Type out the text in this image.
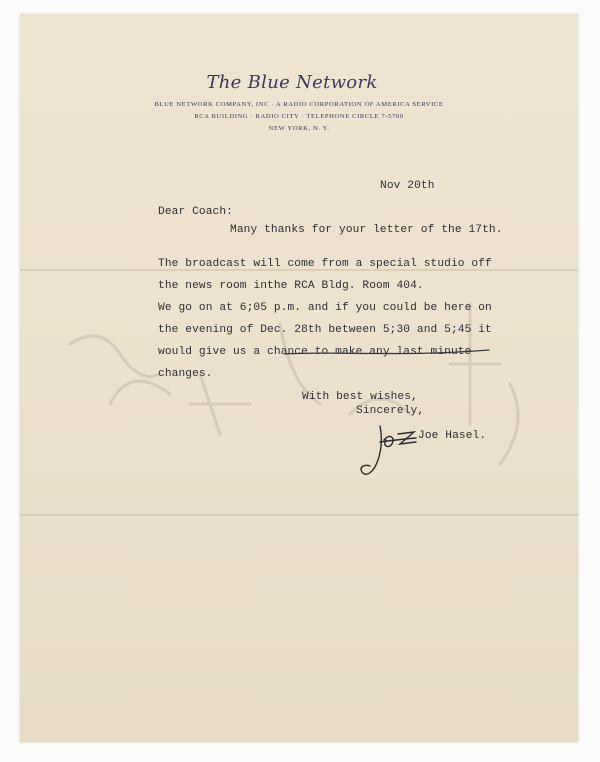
The Blue Network
BLUE NETWORK COMPANY, INC · A RADIO CORPORATION OF AMERICA SERVICE
RCA BUILDING · RADIO CITY · TELEPHONE CIRCLE 7-5700
NEW YORK, N. Y.
Nov 20th
Dear Coach:
Many thanks for your letter of the 17th.
The broadcast will come from a special studio off
the news room inthe RCA Bldg. Room 404.
We go on at 6;05 p.m. and if you could be here on
the evening of Dec. 28th between 5;30 and 5;45 it
would give us a chance to make any last minute
changes.
With best wishes,
Sincerely,
Joe Hasel.
